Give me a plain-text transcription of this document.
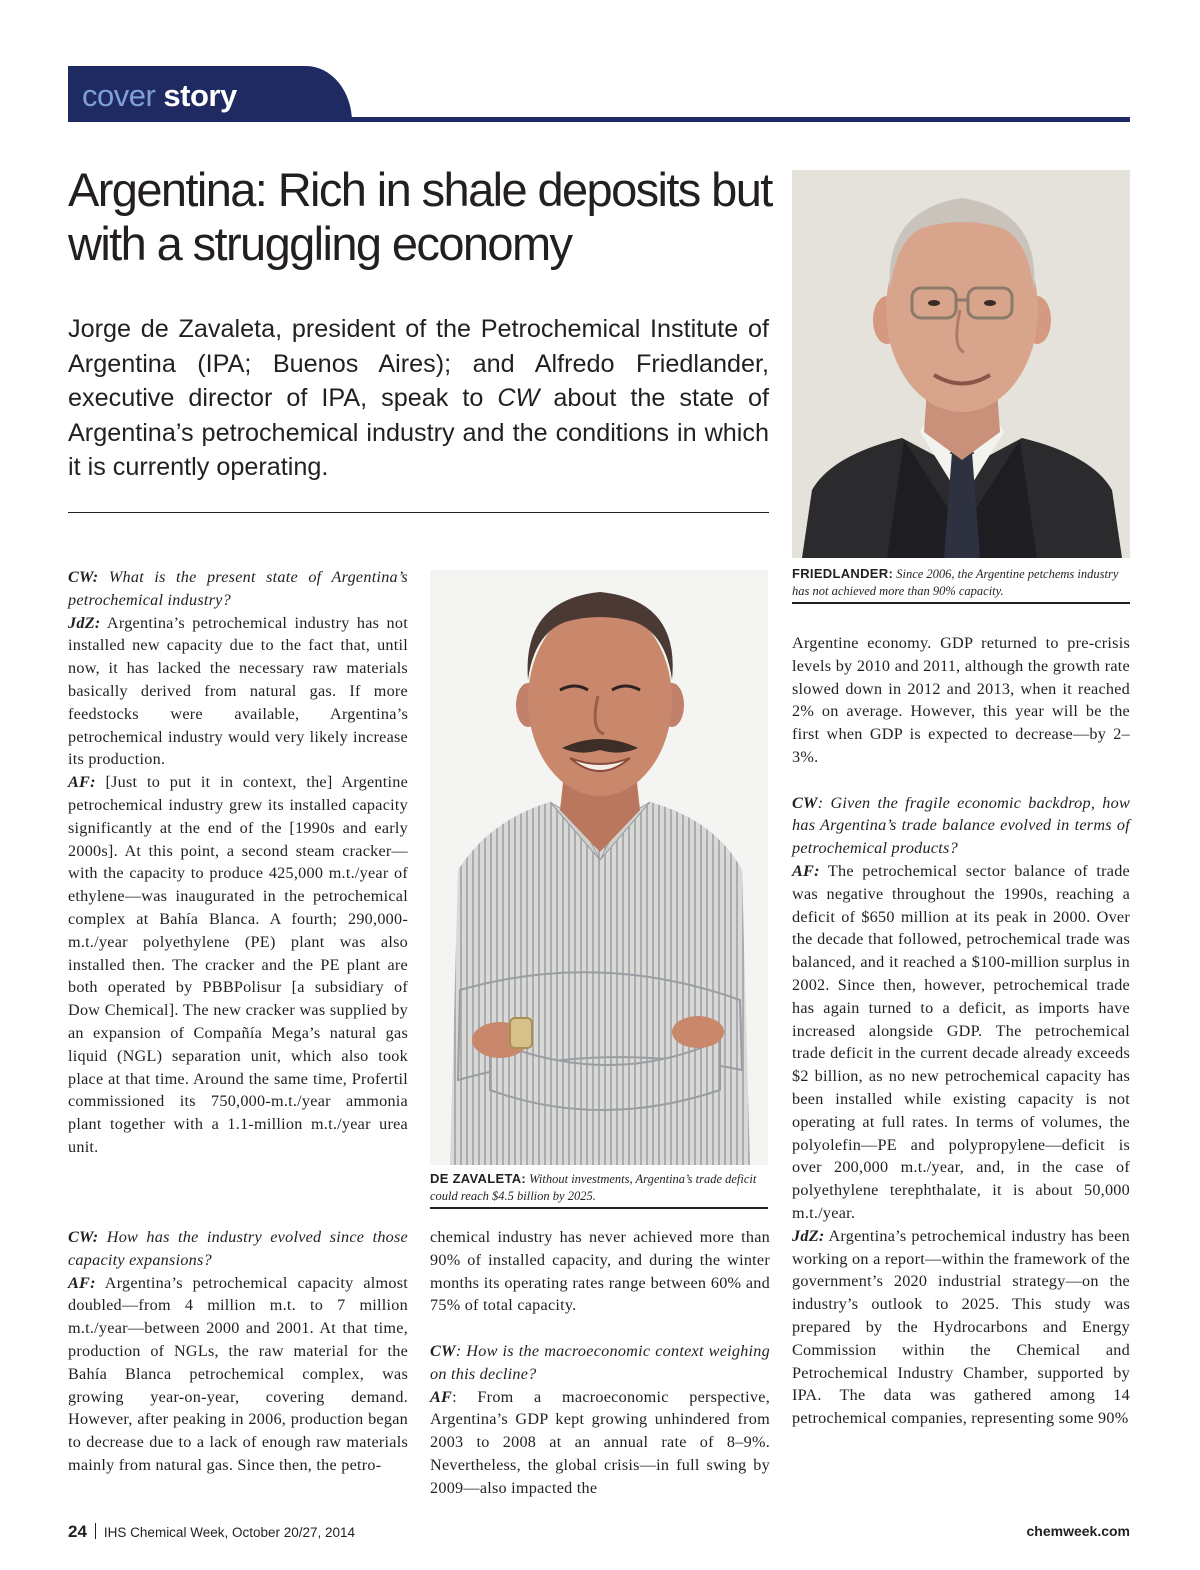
cover story
Argentina: Rich in shale deposits but with a struggling economy

Jorge de Zavaleta, president of the Petrochemical Institute of Argentina (IPA; Buenos Aires); and Alfredo Friedlander, executive director of IPA, speak to CW about the state of Argentina’s petrochemical industry and the conditions in which it is currently operating.

FRIEDLANDER: Since 2006, the Argentine petchems industry has not achieved more than 90% capacity.
DE ZAVALETA: Without investments, Argentina’s trade deficit could reach $4.5 billion by 2025.

CW: What is the present state of Argentina’s petrochemical industry?

JdZ: Argentina’s petrochemical industry has not installed new capacity due to the fact that, until now, it has lacked the necessary raw materials basically derived from natural gas. If more feedstocks were available, Argentina’s petrochemical industry would very likely increase its production.

AF: [Just to put it in context, the] Argentine petrochemical industry grew its installed capacity significantly at the end of the [1990s and early 2000s]. At this point, a second steam cracker—with the capacity to produce 425,000 m.t./year of ethylene—was inaugurated in the petrochemical complex at Bahía Blanca. A fourth; 290,000-m.t./year polyethylene (PE) plant was also installed then. The cracker and the PE plant are both operated by PBBPolisur [a subsidiary of Dow Chemical]. The new cracker was supplied by an expansion of Compañía Mega’s natural gas liquid (NGL) separation unit, which also took place at that time. Around the same time, Profertil commissioned its 750,000-m.t./year ammonia plant together with a 1.1-million m.t./year urea unit.

CW: How has the industry evolved since those capacity expansions?

AF: Argentina’s petrochemical capacity almost doubled—from 4 million m.t. to 7 million m.t./year—between 2000 and 2001. At that time, production of NGLs, the raw material for the Bahía Blanca petrochemical complex, was growing year-on-year, covering demand. However, after peaking in 2006, production began to decrease due to a lack of enough raw materials mainly from natural gas. Since then, the petro-

chemical industry has never achieved more than 90% of installed capacity, and during the winter months its operating rates range between 60% and 75% of total capacity.

CW: How is the macroeconomic context weighing on this decline?

AF: From a macroeconomic perspective, Argentina’s GDP kept growing unhindered from 2003 to 2008 at an annual rate of 8–9%. Nevertheless, the global crisis—in full swing by 2009—also impacted the

Argentine economy. GDP returned to pre-crisis levels by 2010 and 2011, although the growth rate slowed down in 2012 and 2013, when it reached 2% on average. However, this year will be the first when GDP is expected to decrease—by 2–3%.

CW: Given the fragile economic backdrop, how has Argentina’s trade balance evolved in terms of petrochemical products?

AF: The petrochemical sector balance of trade was negative throughout the 1990s, reaching a deficit of $650 million at its peak in 2000. Over the decade that followed, petrochemical trade was balanced, and it reached a $100-million surplus in 2002. Since then, however, petrochemical trade has again turned to a deficit, as imports have increased alongside GDP. The petrochemical trade deficit in the current decade already exceeds $2 billion, as no new petrochemical capacity has been installed while existing capacity is not operating at full rates. In terms of volumes, the polyolefin—PE and polypropylene—deficit is over 200,000 m.t./year, and, in the case of polyethylene terephthalate, it is about 50,000 m.t./year.

JdZ: Argentina’s petrochemical industry has been working on a report—within the framework of the government’s 2020 industrial strategy—on the industry’s outlook to 2025. This study was prepared by the Hydrocarbons and Energy Commission within the Chemical and Petrochemical Industry Chamber, supported by IPA. The data was gathered among 14 petrochemical companies, representing some 90%

24 IHS Chemical Week, October 20/27, 2014	chemweek.com
